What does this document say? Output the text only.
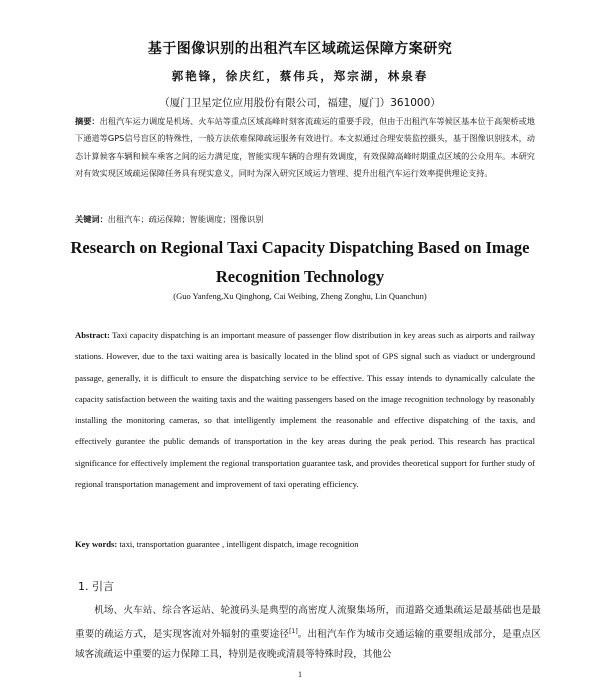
基于图像识别的出租汽车区域疏运保障方案研究
郭艳锋，徐庆红，蔡伟兵，郑宗湖，林泉春
（厦门卫星定位应用股份有限公司，福建，厦门）361000）

摘要：出租汽车运力调度是机场、火车站等重点区域高峰时刻客流疏运的重要手段，但由于出租汽车等候区基本位于高架桥或地下通道等GPS信号盲区的特殊性，一般方法依难保障疏运服务有效进行。本文拟通过合理安装监控摄头，基于图像识别技术，动态计算候客车辆和候车乘客之间的运力满足度，智能实现车辆的合理有效调度，有效保障高峰时期重点区域的公众用车。本研究对有效实现区域疏运保障任务具有现实意义，同时为深入研究区域运力管理、提升出租汽车运行效率提供理论支持。

关键词：出租汽车；疏运保障；智能调度；图像识别

Research on Regional Taxi Capacity Dispatching Based on Image Recognition Technology
(Guo Yanfeng,Xu Qinghong, Cai Weibing, Zheng Zonghu, Lin Quanchun)

Abstract: Taxi capacity dispatching is an important measure of passenger flow distribution in key areas such as airports and railway stations. However, due to the taxi waiting area is basically located in the blind spot of GPS signal such as viaduct or underground passage, generally, it is difficult to ensure the dispatching service to be effective. This essay intends to dynamically calculate the capacity satisfaction between the waiting taxis and the waiting passengers based on the image recognition technology by reasonably installing the monitoring cameras, so that intelligently implement the reasonable and effective dispatching of the taxis, and effectively gurantee the public demands of transportation in the key areas during the peak period. This research has practical significance for effectively implement the regional transportation guarantee task, and provides theoretical support for further study of regional transportation management and improvement of taxi operating efficiency.

Key words: taxi, transportation guarantee , intelligent dispatch, image recognition

1. 引言

机场、火车站、综合客运站、轮渡码头是典型的高密度人流聚集场所，而道路交通集疏运是最基础也是最重要的疏运方式，是实现客流对外辐射的重要途径[1]。出租汽车作为城市交通运输的重要组成部分，是重点区域客流疏运中重要的运力保障工具，特别是夜晚或清晨等特殊时段，其他公

1
